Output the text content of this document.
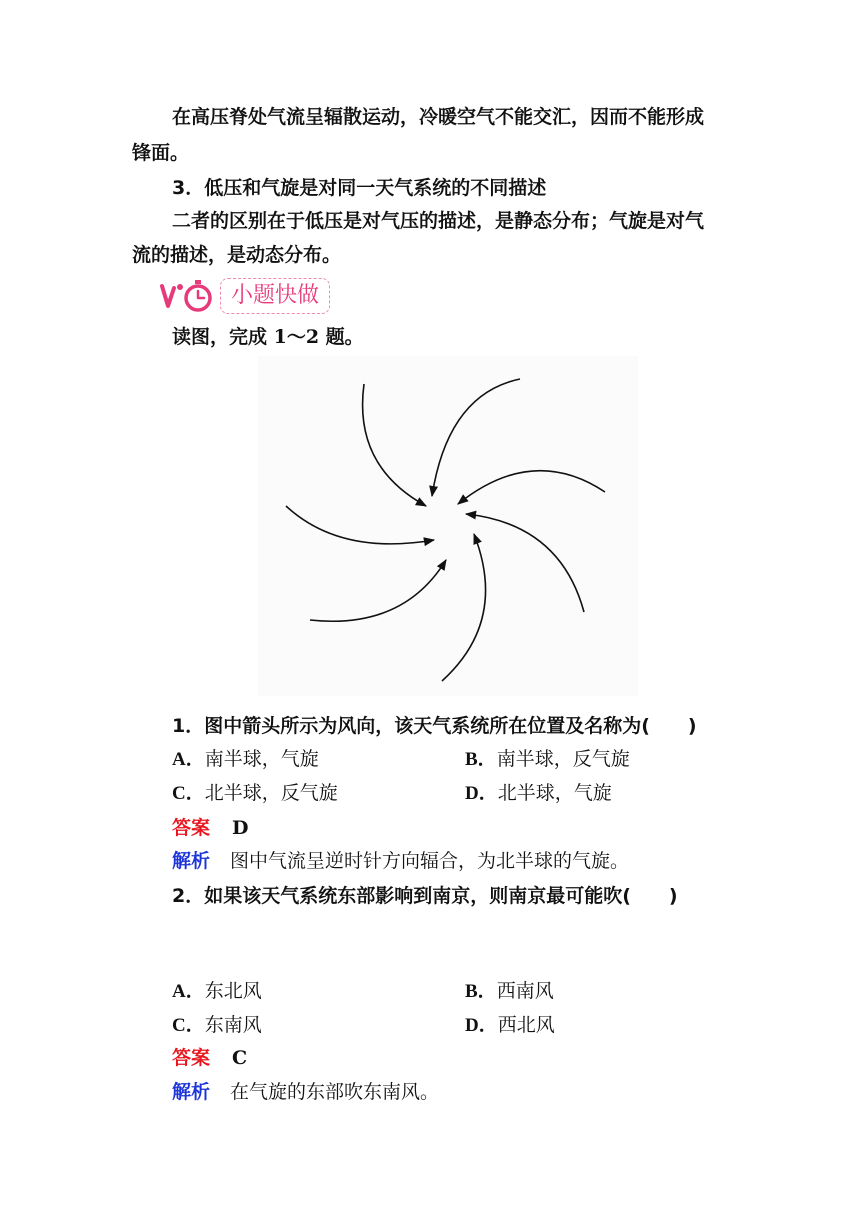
在高压脊处气流呈辐散运动，冷暖空气不能交汇，因而不能形成
锋面。
3．低压和气旋是对同一天气系统的不同描述
二者的区别在于低压是对气压的描述，是静态分布；气旋是对气
流的描述，是动态分布。
小题快做
读图，完成 1～2 题。
1．图中箭头所示为风向，该天气系统所在位置及名称为(　　)
A．南半球，气旋	B．南半球，反气旋
C．北半球，反气旋	D．北半球，气旋
答案 D
解析 图中气流呈逆时针方向辐合，为北半球的气旋。
2．如果该天气系统东部影响到南京，则南京最可能吹(　　)
A．东北风	B．西南风
C．东南风	D．西北风
答案 C
解析 在气旋的东部吹东南风。
